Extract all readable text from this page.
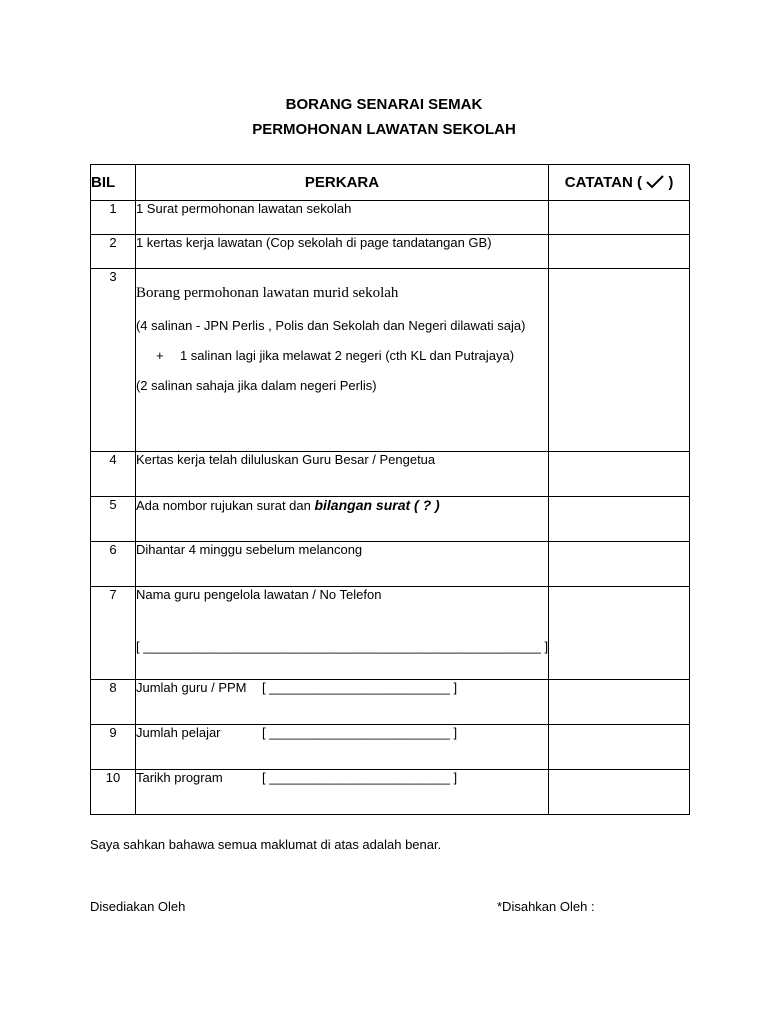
BORANG SENARAI SEMAK
PERMOHONAN LAWATAN SEKOLAH
BIL	PERKARA	CATATAN ( )
1	1 Surat permohonan lawatan sekolah	
2	1 kertas kerja lawatan (Cop sekolah di page tandatangan GB)	
3	Borang permohonan lawatan murid sekolah
(4 salinan - JPN Perlis , Polis dan Sekolah dan Negeri dilawati saja)
+ 1 salinan lagi jika melawat 2 negeri (cth KL dan Putrajaya)
(2 salinan sahaja jika dalam negeri Perlis)	

4	Kertas kerja telah diluluskan Guru Besar / Pengetua	
5	Ada nombor rujukan surat dan bilangan surat ( ? )	
6	Dihantar 4 minggu sebelum melancong	
7	Nama guru pengelola lawatan / No Telefon
[ _______________________________________________________ ]	

8	Jumlah guru / PPM [ _________________________ ]	
9	Jumlah pelajar [ _________________________ ]	
10	Tarikh program [ _________________________ ]	
Saya sahkan bahawa semua maklumat di atas adalah benar.
Disediakan Oleh	*Disahkan Oleh :
